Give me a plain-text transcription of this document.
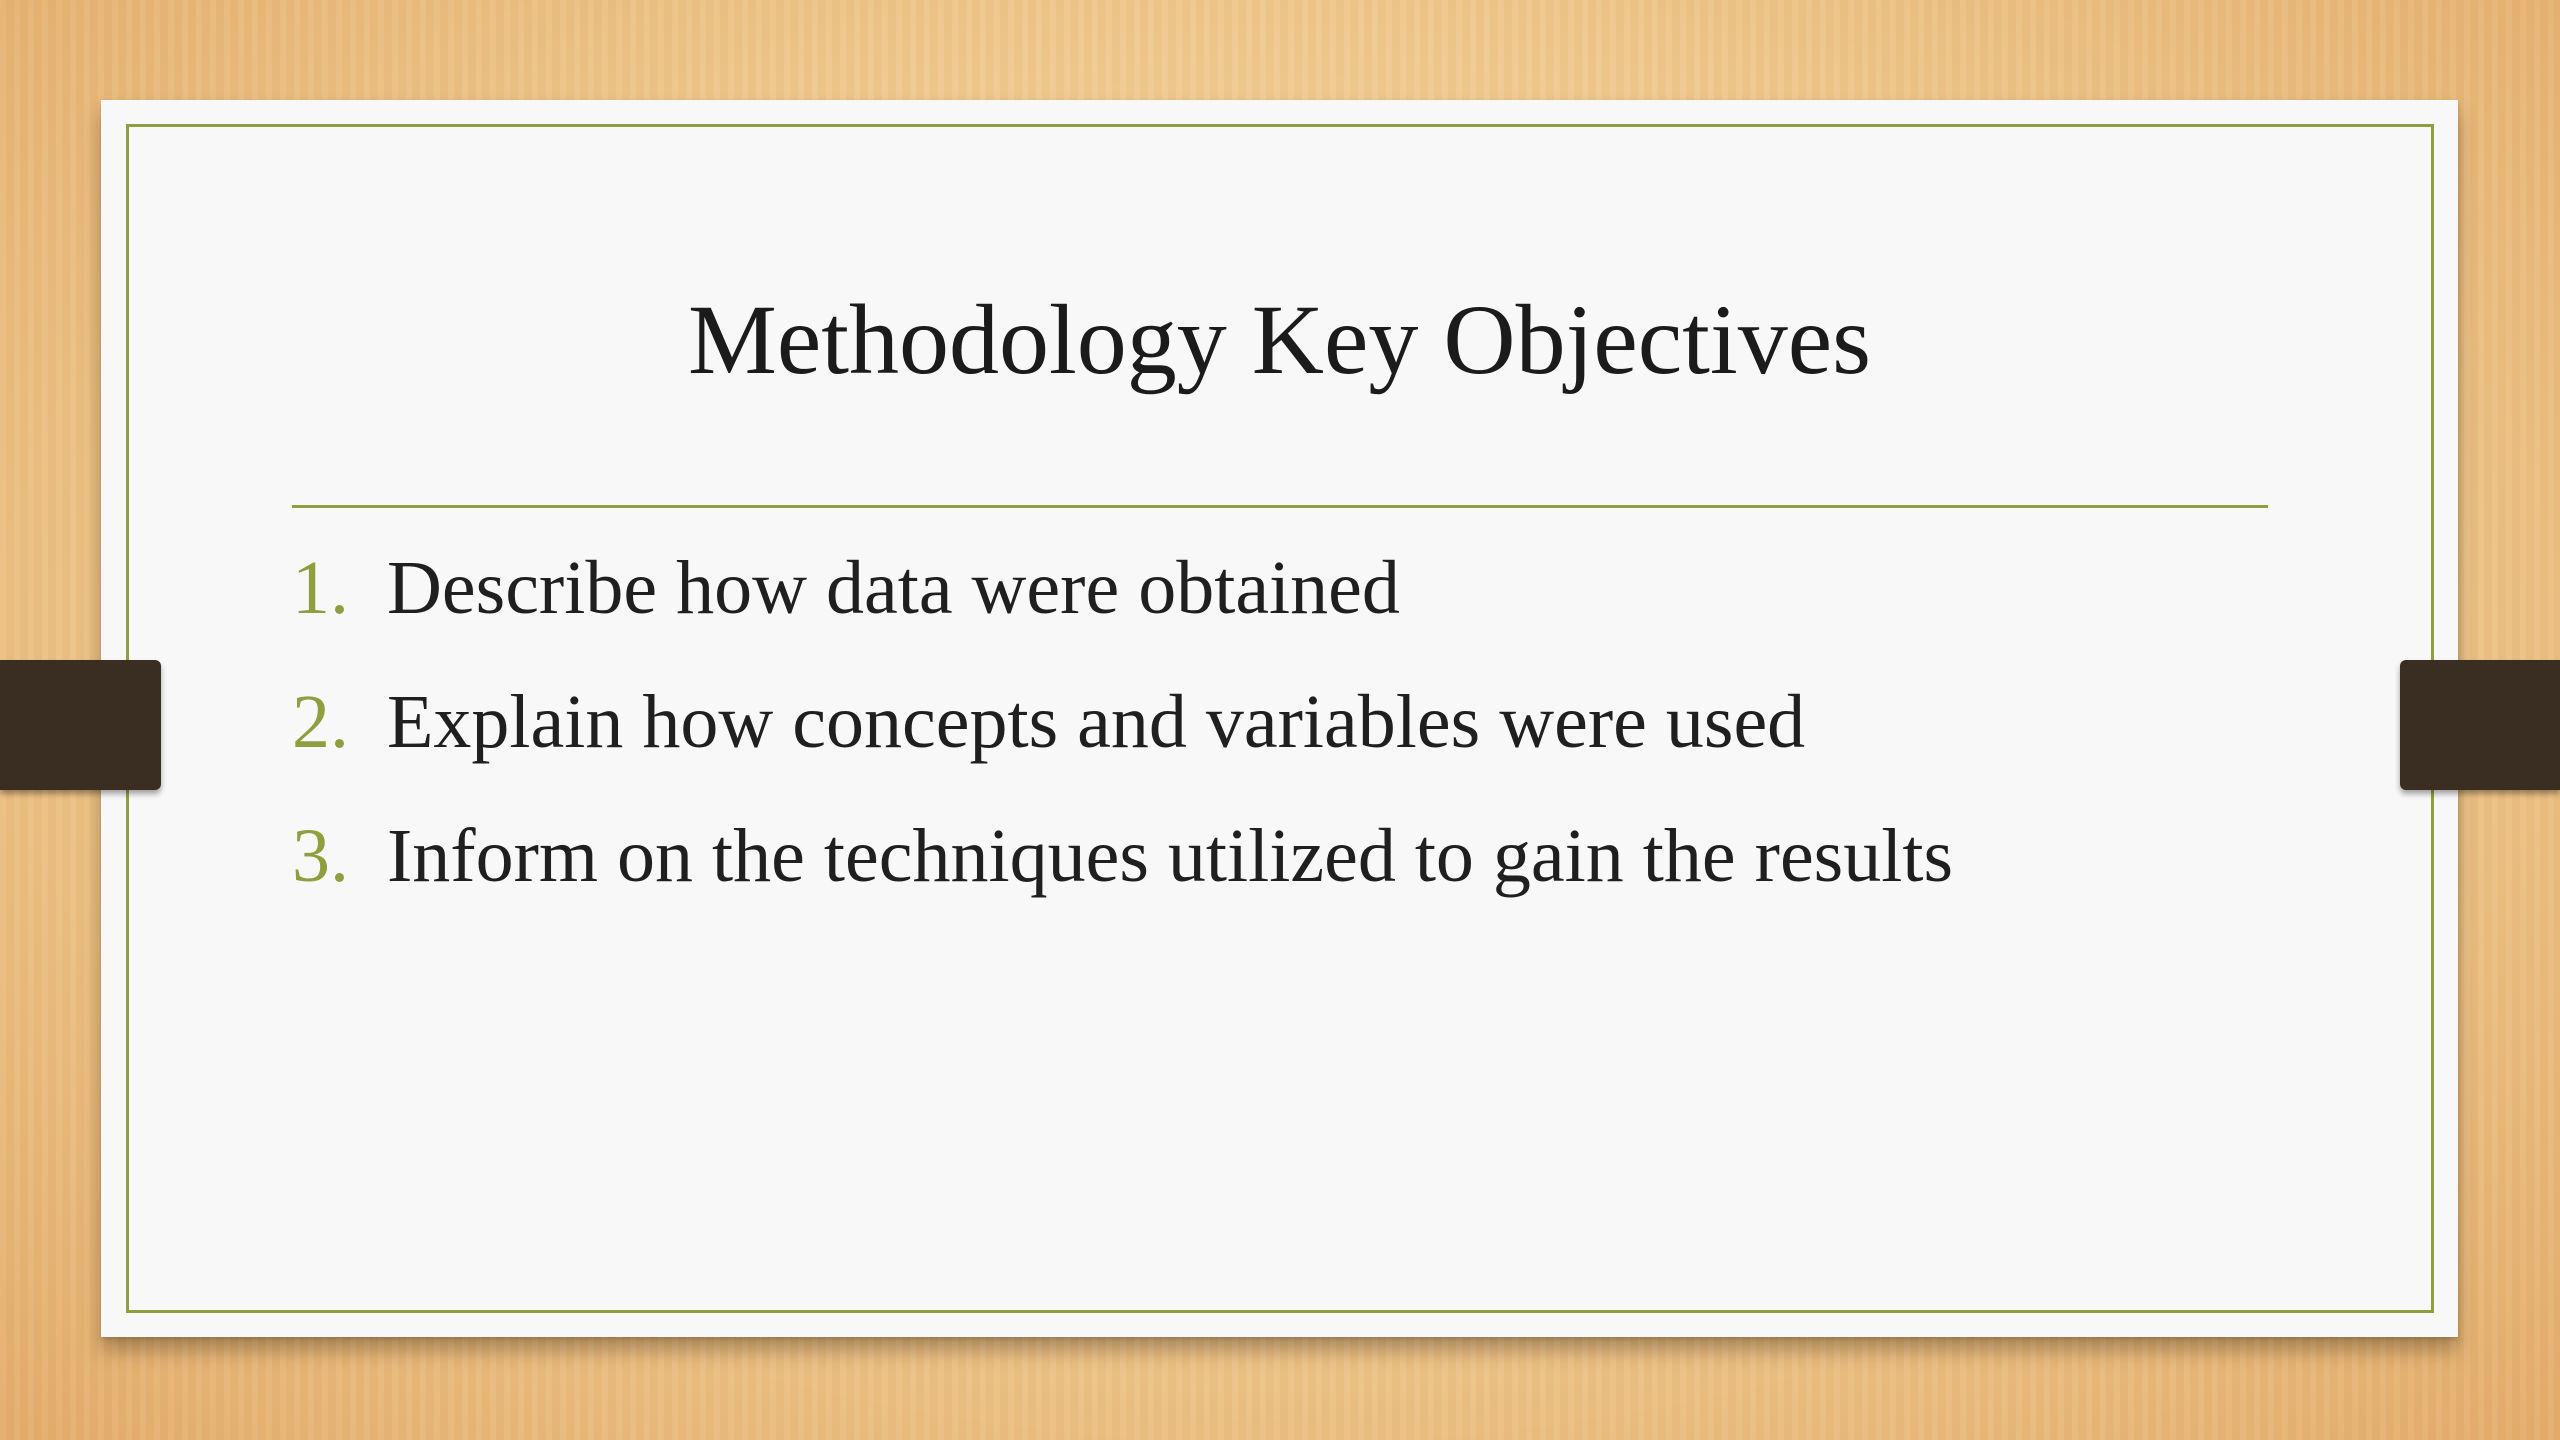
Methodology Key Objectives
1. Describe how data were obtained
2. Explain how concepts and variables were used
3. Inform on the techniques utilized to gain the results
